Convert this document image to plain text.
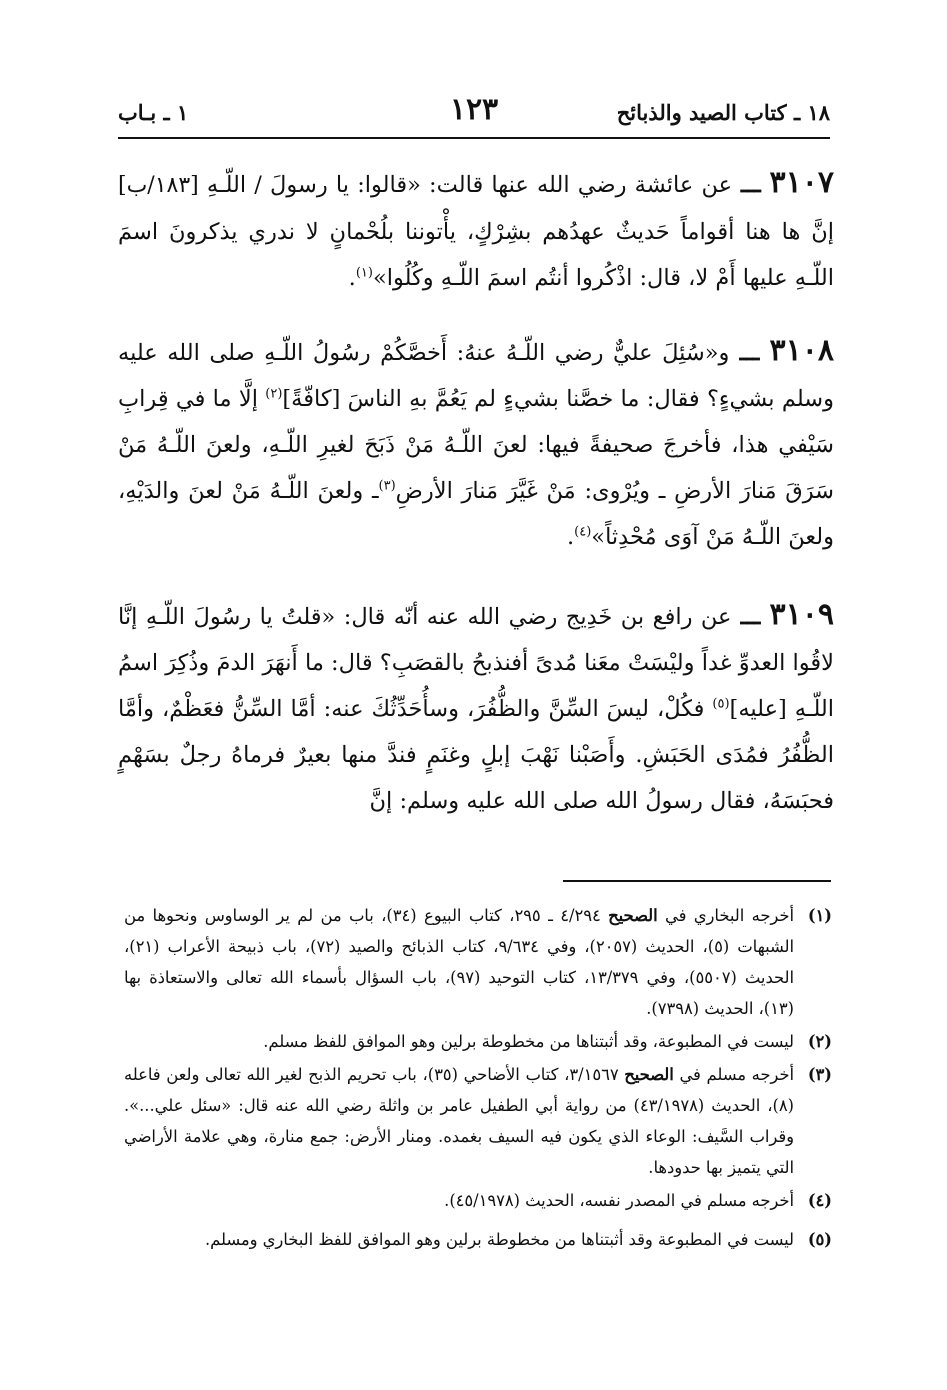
١٨ ـ كتاب الصيد والذبائح
١٢٣
١ ـ بـاب

٣١٠٧ ـــ عن عائشة رضي الله عنها قالت: «قالوا: يا رسولَ / اللّـهِ [١٨٣/ب] إنَّ ها هنا أقواماً حَديثٌ عهدُهم بشِرْكٍ، يأْتوننا بلُحْمانٍ لا ندري يذكرونَ اسمَ اللّـهِ عليها أَمْ لا، قال: اذْكُروا أنتُم اسمَ اللّـهِ وكُلُوا»$^{(١)}$.

٣١٠٨ ـــ و«سُئِلَ عليٌّ رضي اللّـهُ عنهُ: أَخصَّكُمْ رسُولُ اللّـهِ صلى الله عليه وسلم بشيءٍ؟ فقال: ما خصَّنا بشيءٍ لم يَعُمَّ بهِ الناسَ [كافّةً]$^{(٢)}$ إلَّا ما في قِرابِ سَيْفي هذا، فأخرجَ صحيفةً فيها: لعنَ اللّـهُ مَنْ ذَبَحَ لغيرِ اللّـهِ، ولعنَ اللّـهُ مَنْ سَرَقَ مَنارَ الأرضِ ـ ويُرْوى: مَنْ غَيَّرَ مَنارَ الأرضِ$^{(٣)}$ـ ولعنَ اللّـهُ مَنْ لعنَ والدَيْهِ، ولعنَ اللّـهُ مَنْ آوَى مُحْدِثاً»$^{(٤)}$.

٣١٠٩ ـــ عن رافع بن خَدِيج رضي الله عنه أنّه قال: «قلتُ يا رسُولَ اللّـهِ إنَّا لاقُوا العدوِّ غداً وليْسَتْ معَنا مُدىً أفنذبحُ بالقصَبِ؟ قال: ما أَنهَرَ الدمَ وذُكِرَ اسمُ اللّـهِ [عليه]$^{(٥)}$ فكُلْ، ليسَ السِّنَّ والظُّفُرَ، وسأُحَدِّثُكَ عنه: أمَّا السِّنُّ فعَظْمٌ، وأمَّا الظُّفُرُ فمُدَى الحَبَشِ. وأَصَبْنا نَهْبَ إبلٍ وغنَمٍ فندَّ منها بعيرٌ فرماهُ رجلٌ بسَهْمٍ فحبَسَهُ، فقال رسولُ الله صلى الله عليه وسلم: إنَّ

(١)
أخرجه البخاري في الصحيح ٤/٢٩٤ ـ ٢٩٥، كتاب البيوع (٣٤)، باب من لم ير الوساوس ونحوها من الشبهات (٥)، الحديث (٢٠٥٧)، وفي ٩/٦٣٤، كتاب الذبائح والصيد (٧٢)، باب ذبيحة الأعراب (٢١)، الحديث (٥٥٠٧)، وفي ١٣/٣٧٩، كتاب التوحيد (٩٧)، باب السؤال بأسماء الله تعالى والاستعاذة بها (١٣)، الحديث (٧٣٩٨).
(٢)
ليست في المطبوعة، وقد أثبتناها من مخطوطة برلين وهو الموافق للفظ مسلم.
(٣)
أخرجه مسلم في الصحيح ٣/١٥٦٧، كتاب الأضاحي (٣٥)، باب تحريم الذبح لغير الله تعالى ولعن فاعله (٨)، الحديث (٤٣/١٩٧٨) من رواية أبي الطفيل عامر بن واثلة رضي الله عنه قال: «سئل علي...». وقراب السَّيف: الوعاء الذي يكون فيه السيف بغمده. ومنار الأرض: جمع منارة، وهي علامة الأراضي التي يتميز بها حدودها.
(٤)
أخرجه مسلم في المصدر نفسه، الحديث (٤٥/١٩٧٨).
(٥)
ليست في المطبوعة وقد أثبتناها من مخطوطة برلين وهو الموافق للفظ البخاري ومسلم.
